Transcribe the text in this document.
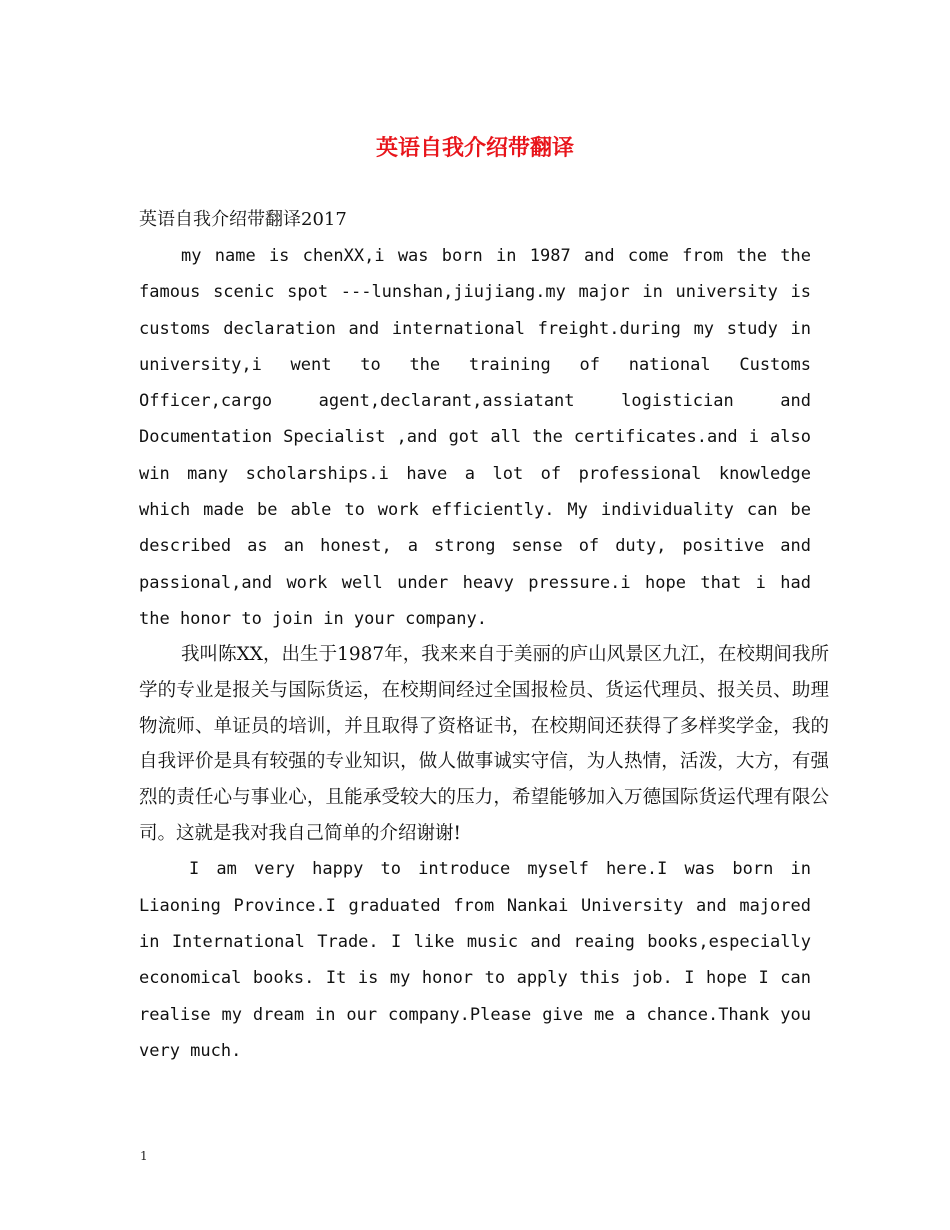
英语自我介绍带翻译

英语自我介绍带翻译2017

my name is chenXX,i was born in 1987 and come from the the famous scenic spot ---lunshan,jiujiang.my major in university is customs declaration and international freight.during my study in university,i went to the training of national Customs Officer,cargo agent,declarant,assiatant logistician and Documentation Specialist ,and got all the certificates.and i also win many scholarships.i have a lot of professional knowledge which made be able to work efficiently. My individuality can be described as an honest, a strong sense of duty, positive and passional,and work well under heavy pressure.i hope that i had the honor to join in your company.

我叫陈XX，出生于1987年，我来来自于美丽的庐山风景区九江，在校期间我所学的专业是报关与国际货运，在校期间经过全国报检员、货运代理员、报关员、助理物流师、单证员的培训，并且取得了资格证书，在校期间还获得了多样奖学金，我的自我评价是具有较强的专业知识，做人做事诚实守信，为人热情，活泼，大方，有强烈的责任心与事业心，且能承受较大的压力，希望能够加入万德国际货运代理有限公司。这就是我对我自己简单的介绍谢谢!

I am very happy to introduce myself here.I was born in Liaoning Province.I graduated from Nankai University and majored in International Trade. I like music and reaing books,especially economical books. It is my honor to apply this job. I hope I can realise my dream in our company.Please give me a chance.Thank you very much.

1
